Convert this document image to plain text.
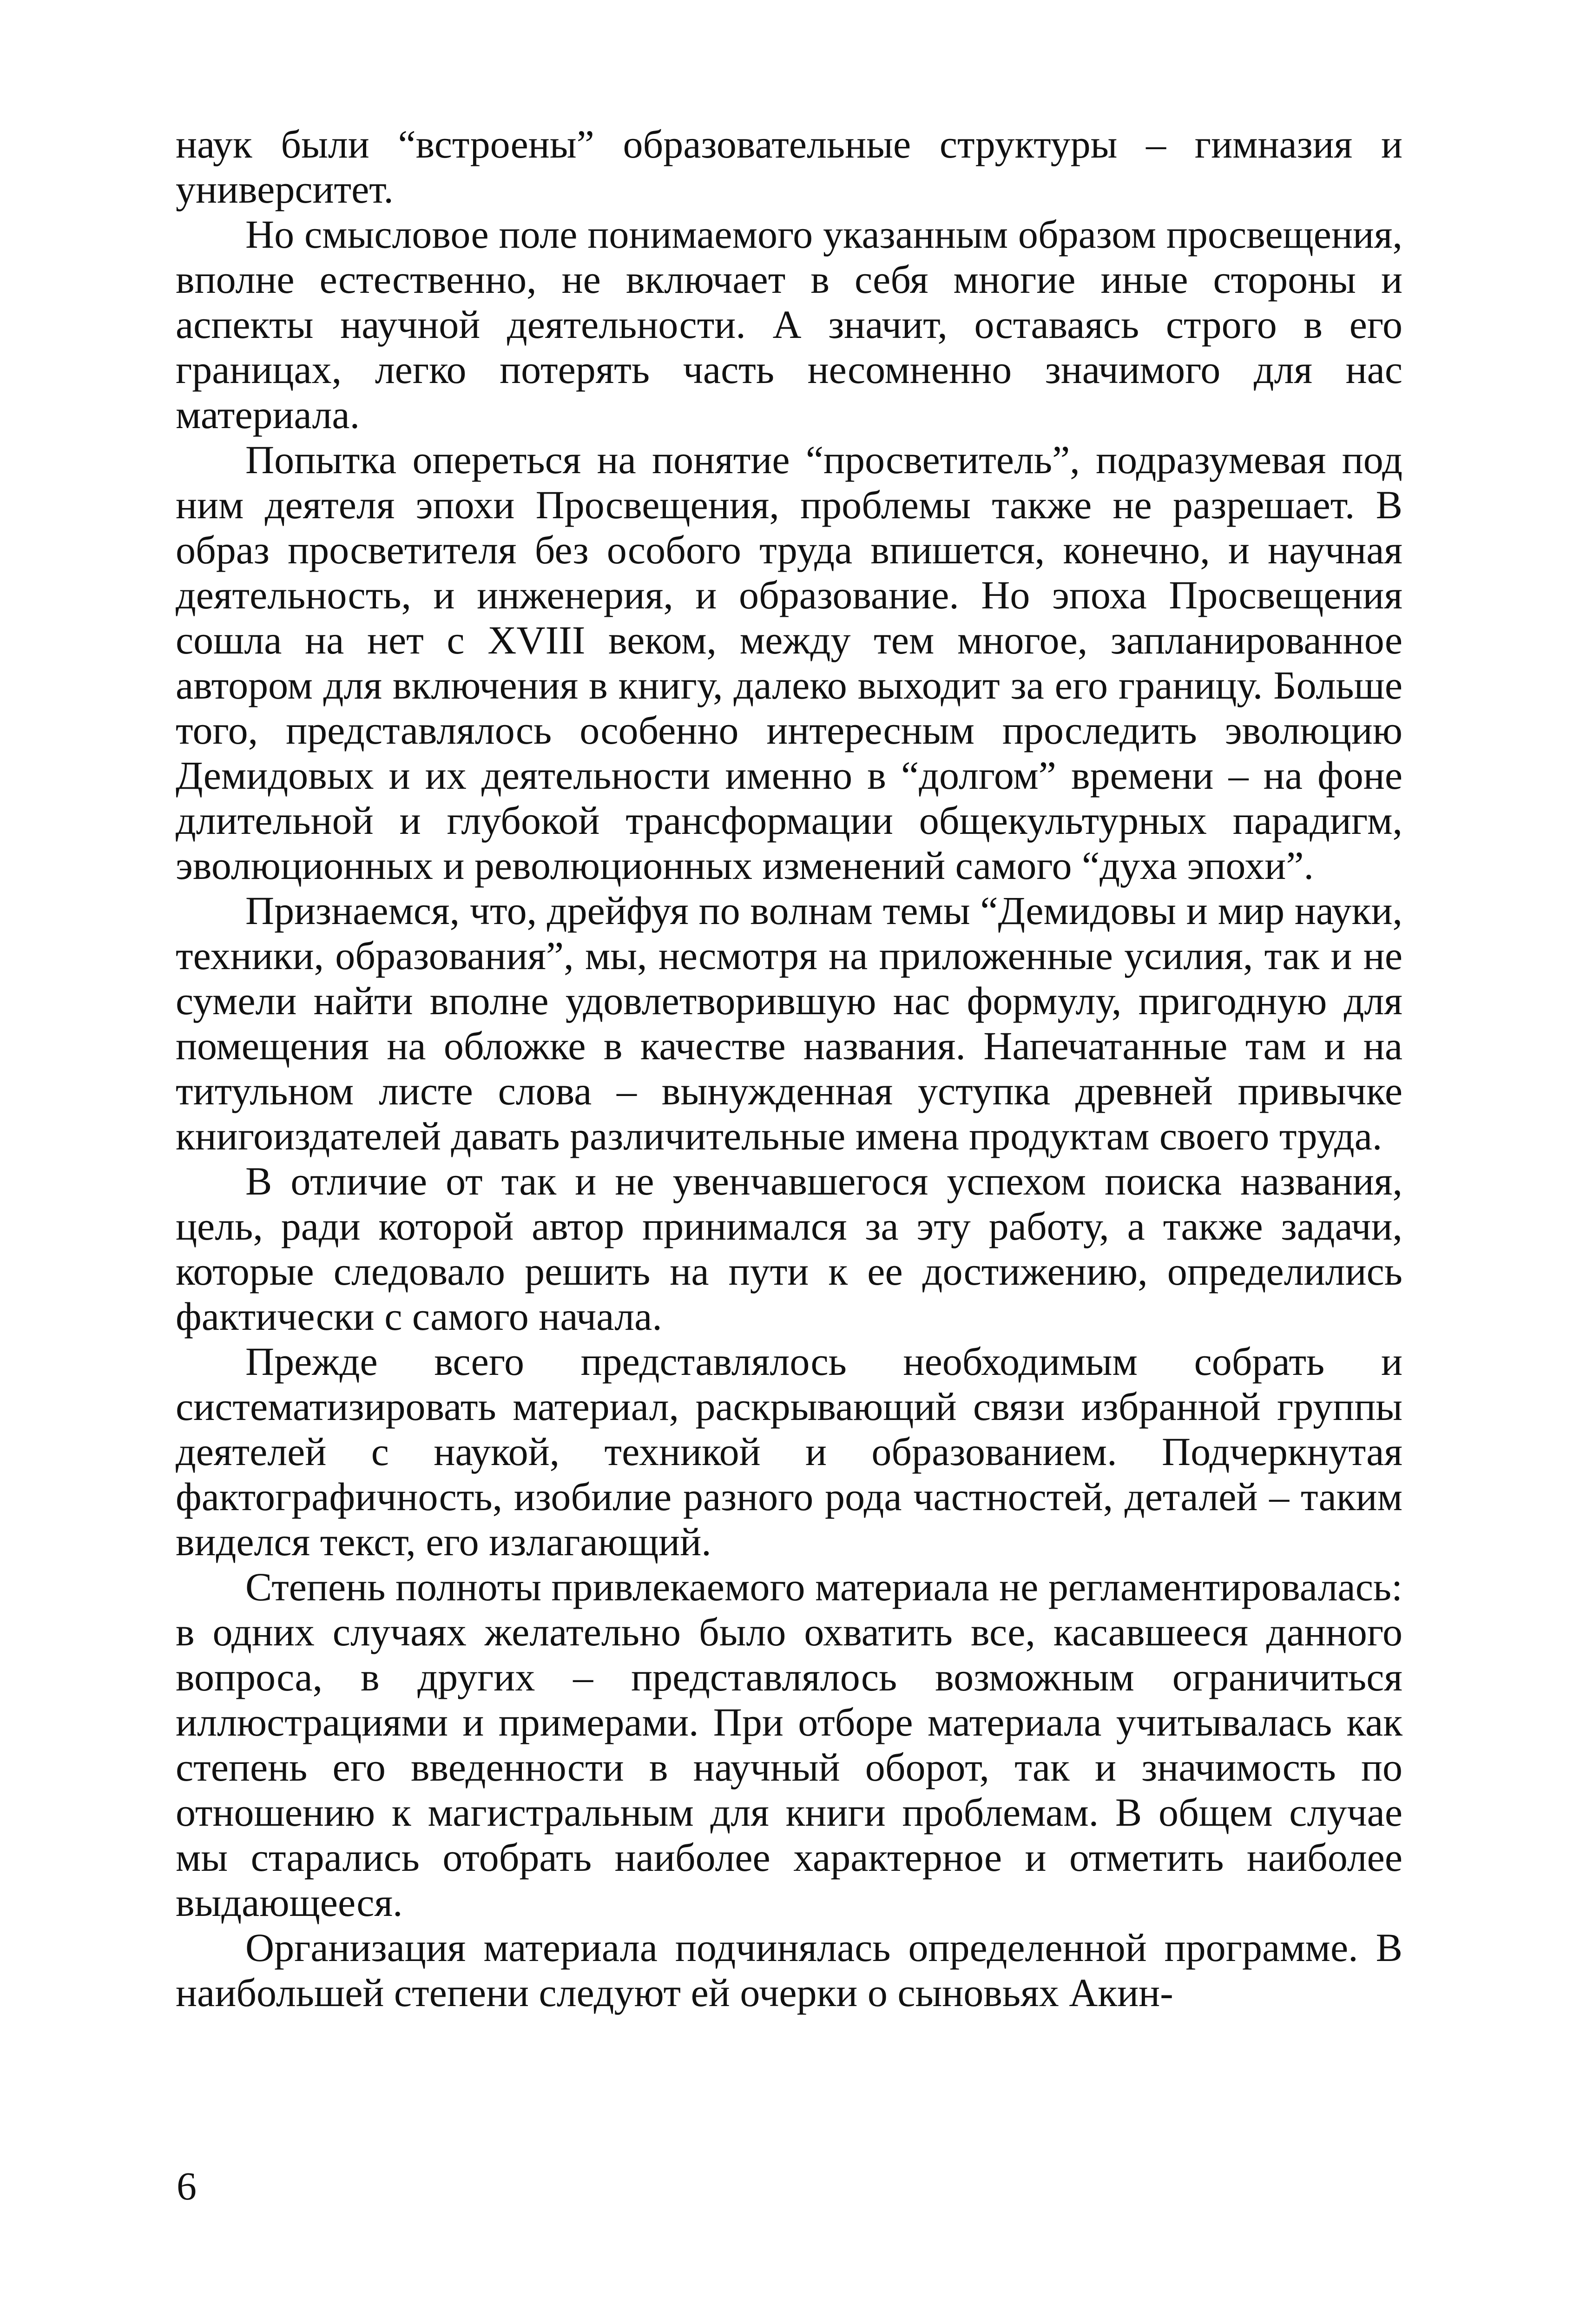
наук были “встроены” образовательные структуры – гимназия и университет.

Но смысловое поле понимаемого указанным образом просвещения, вполне естественно, не включает в себя многие иные стороны и аспекты научной деятельности. А значит, оставаясь строго в его границах, легко потерять часть несомненно значимого для нас материала.

Попытка опереться на понятие “просветитель”, подразумевая под ним деятеля эпохи Просвещения, проблемы также не разрешает. В образ просветителя без особого труда впишется, конечно, и научная деятельность, и инженерия, и образование. Но эпоха Просвещения сошла на нет с XVIII веком, между тем многое, запланированное автором для включения в книгу, далеко выходит за его границу. Больше того, представлялось особенно интересным проследить эволюцию Демидовых и их деятельности именно в “долгом” времени – на фоне длительной и глубокой трансформации общекультурных парадигм, эволюционных и революционных изменений самого “духа эпохи”.

Признаемся, что, дрейфуя по волнам темы “Демидовы и мир науки, техники, образования”, мы, несмотря на приложенные усилия, так и не сумели найти вполне удовлетворившую нас формулу, пригодную для помещения на обложке в качестве названия. Напечатанные там и на титульном листе слова – вынужденная уступка древней привычке книгоиздателей давать различительные имена продуктам своего труда.

В отличие от так и не увенчавшегося успехом поиска названия, цель, ради которой автор принимался за эту работу, а также задачи, которые следовало решить на пути к ее достижению, определились фактически с самого начала.

Прежде всего представлялось необходимым собрать и систематизировать материал, раскрывающий связи избранной группы деятелей с наукой, техникой и образованием. Подчеркнутая фактографичность, изобилие разного рода частностей, деталей – таким виделся текст, его излагающий.

Степень полноты привлекаемого материала не регламентировалась: в одних случаях желательно было охватить все, касавшееся данного вопроса, в других – представлялось возможным ограничиться иллюстрациями и примерами. При отборе материала учитывалась как степень его введенности в научный оборот, так и значимость по отношению к магистральным для книги проблемам. В общем случае мы старались отобрать наиболее характерное и отметить наиболее выдающееся.

Организация материала подчинялась определенной программе. В наибольшей степени следуют ей очерки о сыновьях Акин-

6
